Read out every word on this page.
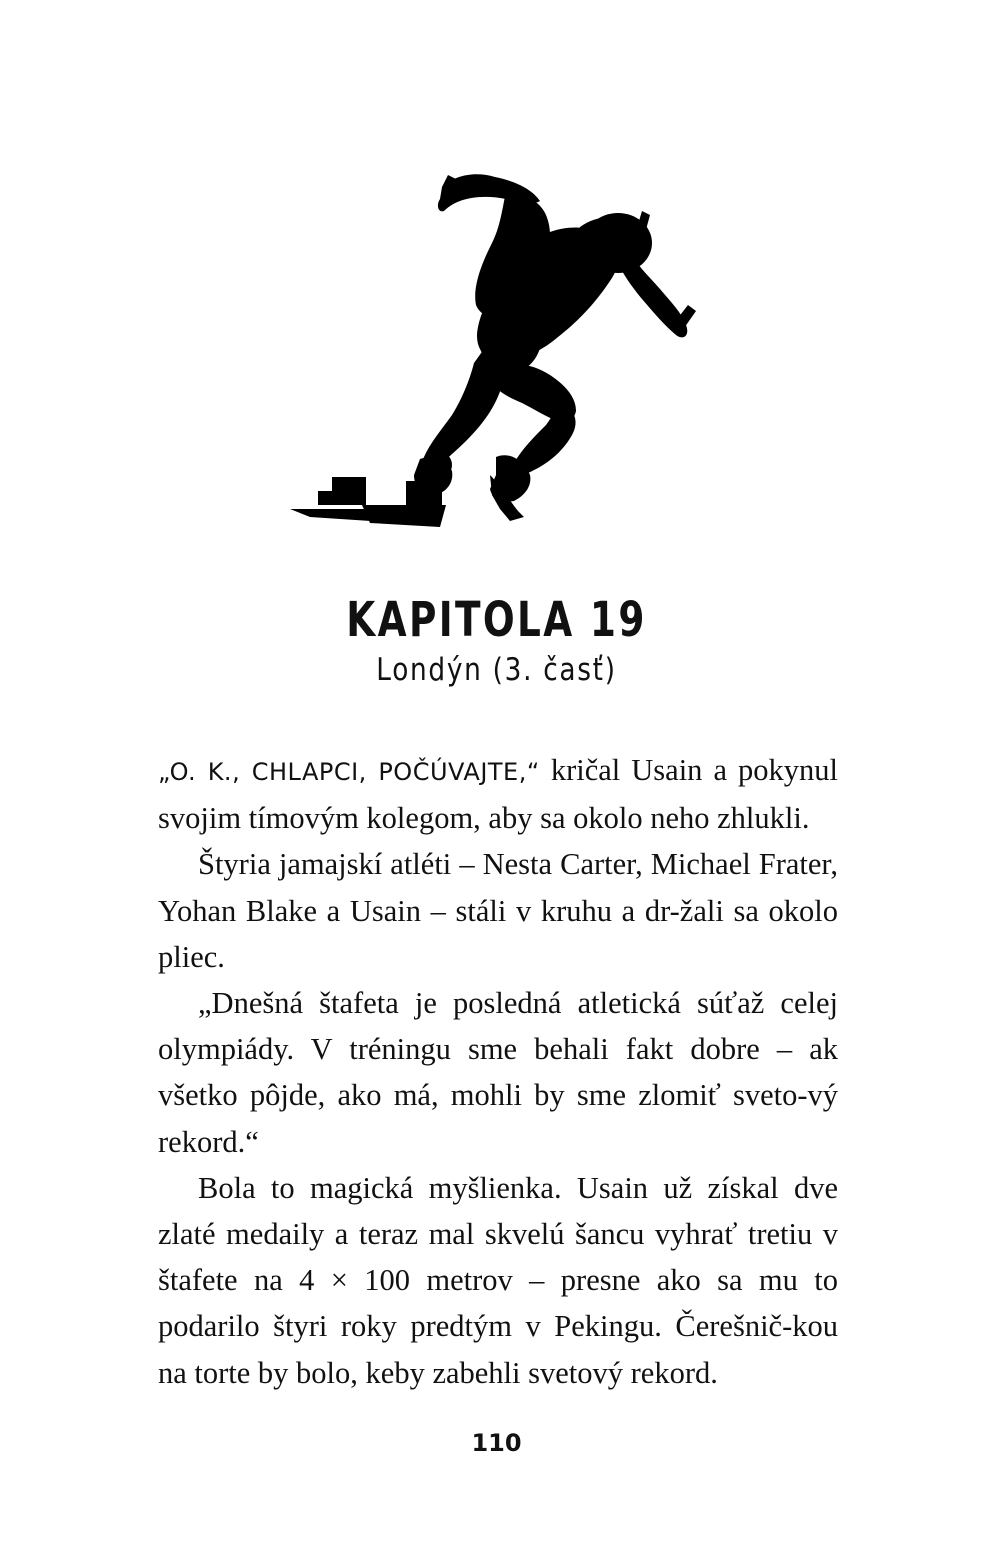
KAPITOLA 19
Londýn (3. časť)

„O. K., CHLAPCI, POČÚVAJTE,“ kričal Usain a pokynul svojim tímovým kolegom, aby sa okolo neho zhlukli.

Štyria jamajskí atléti – Nesta Carter, Michael Frater, Yohan Blake a Usain – stáli v kruhu a dr-žali sa okolo pliec.

„Dnešná štafeta je posledná atletická súťaž celej olympiády. V tréningu sme behali fakt dobre – ak všetko pôjde, ako má, mohli by sme zlomiť sveto-vý rekord.“

Bola to magická myšlienka. Usain už získal dve zlaté medaily a teraz mal skvelú šancu vyhrať tretiu v štafete na 4 × 100 metrov – presne ako sa mu to podarilo štyri roky predtým v Pekingu. Čerešnič-kou na torte by bolo, keby zabehli svetový rekord.

110
